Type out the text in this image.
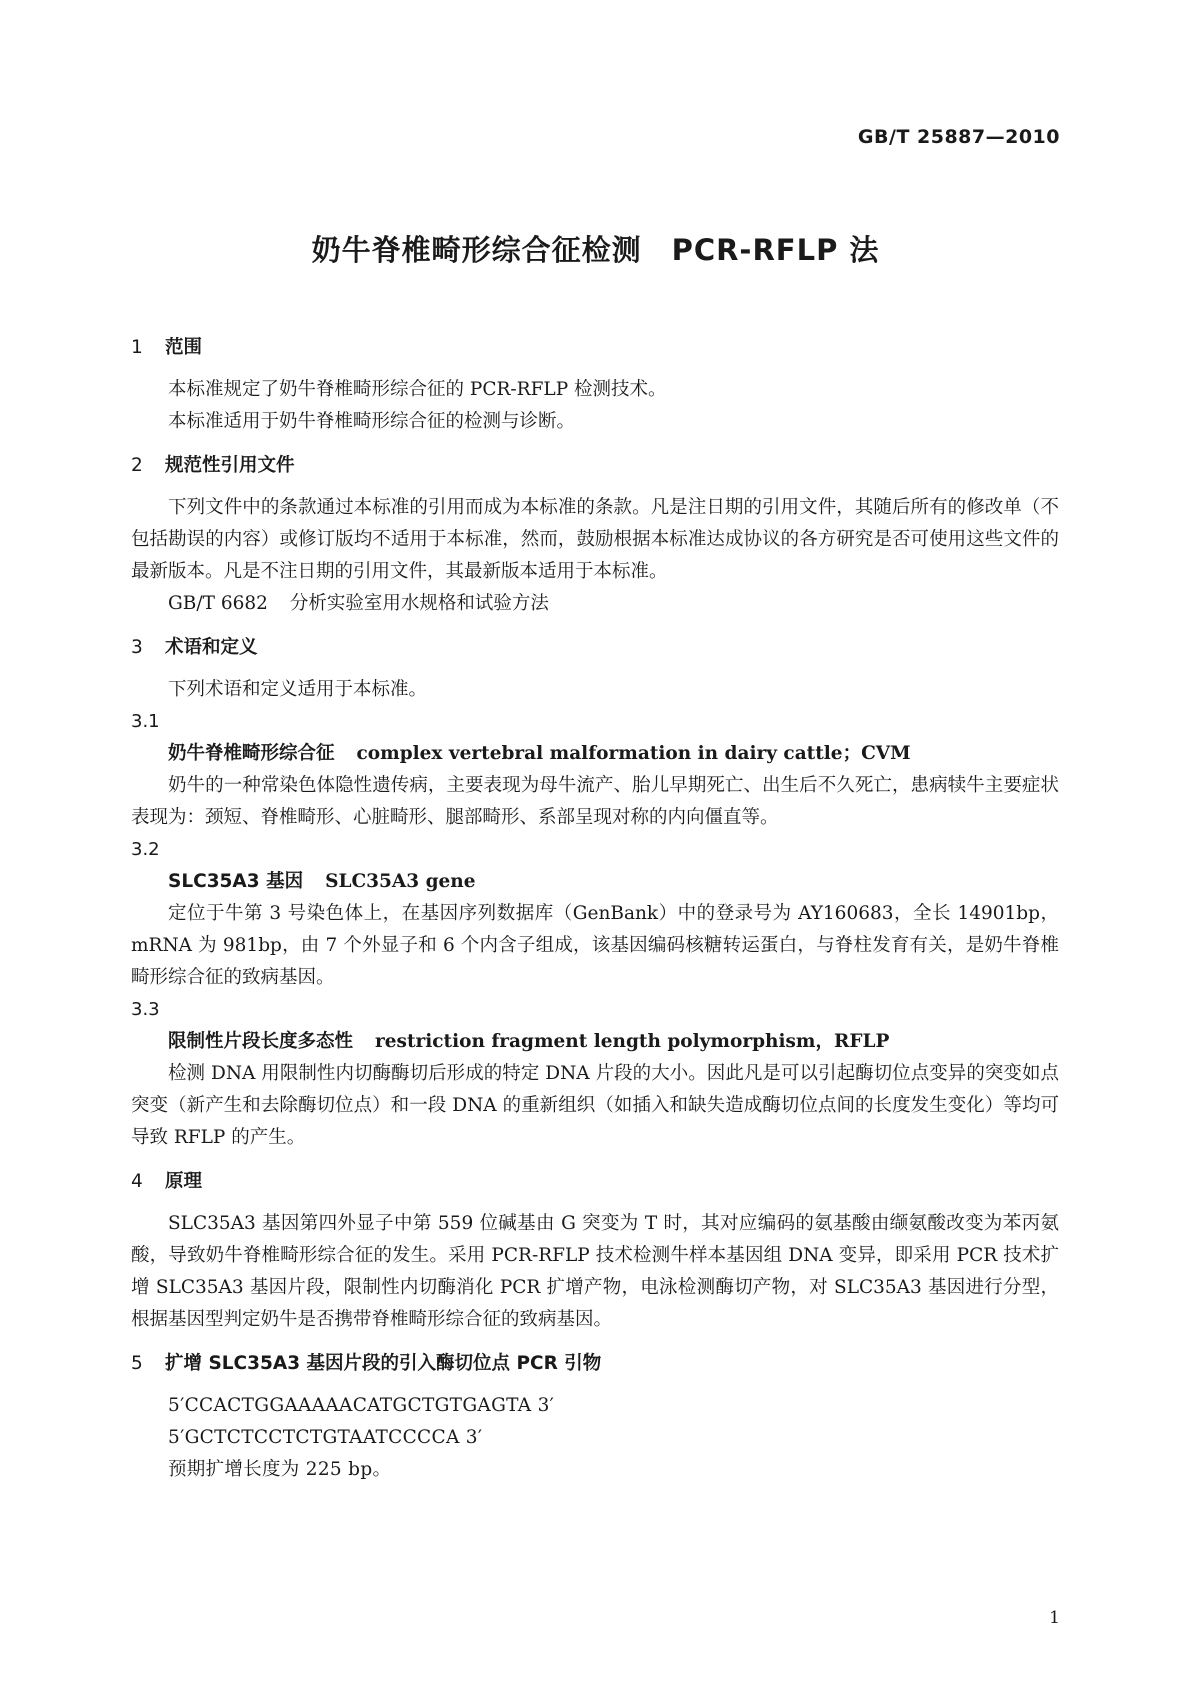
GB/T 25887—2010
奶牛脊椎畸形综合征检测　PCR-RFLP 法

1 范围

本标准规定了奶牛脊椎畸形综合征的 PCR-RFLP 检测技术。

本标准适用于奶牛脊椎畸形综合征的检测与诊断。

2 规范性引用文件

下列文件中的条款通过本标准的引用而成为本标准的条款。凡是注日期的引用文件，其随后所有的修改单（不包括勘误的内容）或修订版均不适用于本标准，然而，鼓励根据本标准达成协议的各方研究是否可使用这些文件的最新版本。凡是不注日期的引用文件，其最新版本适用于本标准。

GB/T 6682 分析实验室用水规格和试验方法

3 术语和定义

下列术语和定义适用于本标准。

3.1

奶牛脊椎畸形综合征 complex vertebral malformation in dairy cattle；CVM

奶牛的一种常染色体隐性遗传病，主要表现为母牛流产、胎儿早期死亡、出生后不久死亡，患病犊牛主要症状表现为：颈短、脊椎畸形、心脏畸形、腿部畸形、系部呈现对称的内向僵直等。

3.2

SLC35A3 基因 SLC35A3 gene

定位于牛第 3 号染色体上，在基因序列数据库（GenBank）中的登录号为 AY160683，全长 14901bp，mRNA 为 981bp，由 7 个外显子和 6 个内含子组成，该基因编码核糖转运蛋白，与脊柱发育有关，是奶牛脊椎畸形综合征的致病基因。

3.3

限制性片段长度多态性 restriction fragment length polymorphism，RFLP

检测 DNA 用限制性内切酶酶切后形成的特定 DNA 片段的大小。因此凡是可以引起酶切位点变异的突变如点突变（新产生和去除酶切位点）和一段 DNA 的重新组织（如插入和缺失造成酶切位点间的长度发生变化）等均可导致 RFLP 的产生。

4 原理

SLC35A3 基因第四外显子中第 559 位碱基由 G 突变为 T 时，其对应编码的氨基酸由缬氨酸改变为苯丙氨酸，导致奶牛脊椎畸形综合征的发生。采用 PCR-RFLP 技术检测牛样本基因组 DNA 变异，即采用 PCR 技术扩增 SLC35A3 基因片段，限制性内切酶消化 PCR 扩增产物，电泳检测酶切产物，对 SLC35A3 基因进行分型，根据基因型判定奶牛是否携带脊椎畸形综合征的致病基因。

5 扩增 SLC35A3 基因片段的引入酶切位点 PCR 引物

5′CCACTGGAAAAACATGCTGTGAGTA 3′

5′GCTCTCCTCTGTAATCCCCA 3′

预期扩增长度为 225 bp。

1
